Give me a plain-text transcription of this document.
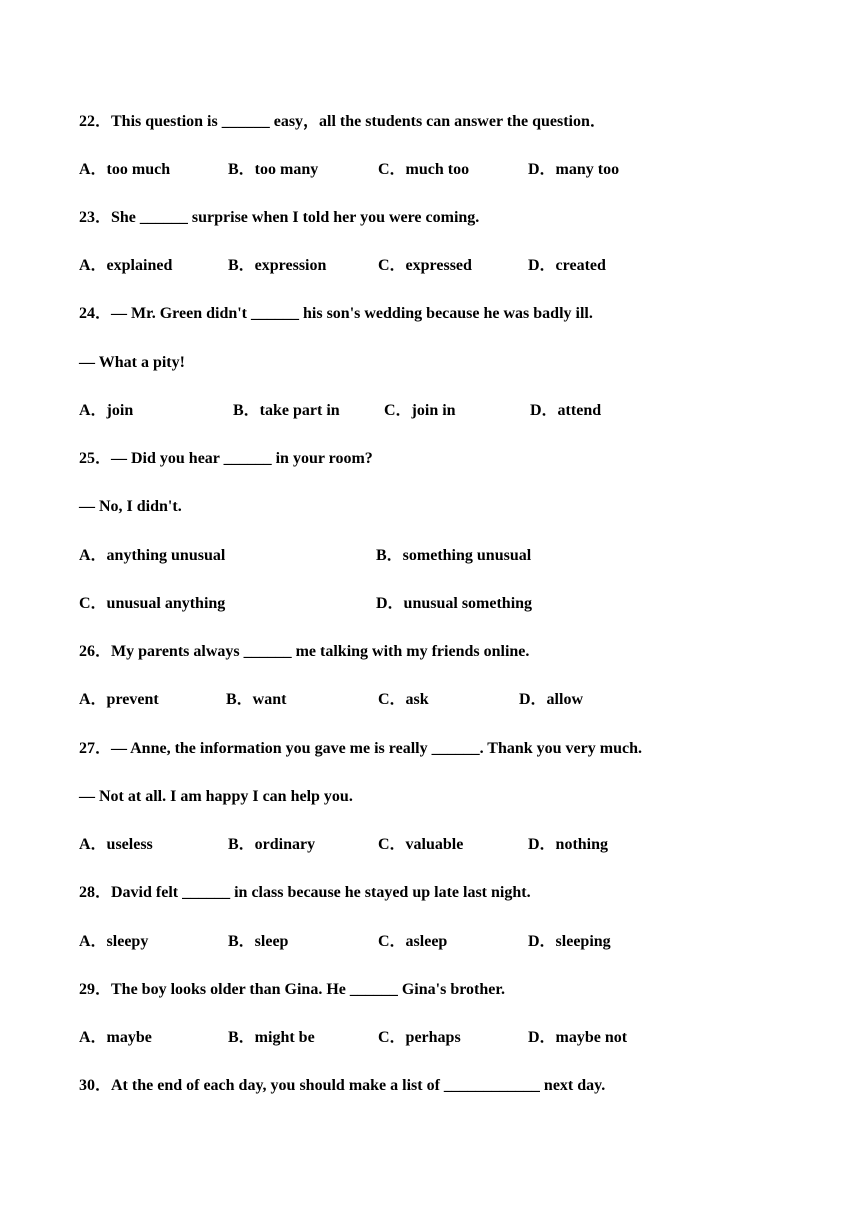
22．This question is ______ easy，all the students can answer the question．
A．too much	B．too many	C．much too	D．many too
23．She ______ surprise when I told her you were coming.
A．explained	B．expression	C．expressed	D．created
24．— Mr. Green didn't ______ his son's wedding because he was badly ill.
— What a pity!
A．join	B．take part in	C．join in	D．attend
25．— Did you hear ______ in your room?
— No, I didn't.
A．anything unusual	B．something unusual
C．unusual anything	D．unusual something
26．My parents always ______ me talking with my friends online.
A．prevent	B．want	C．ask	D．allow
27．— Anne, the information you gave me is really ______. Thank you very much.
— Not at all. I am happy I can help you.
A．useless	B．ordinary	C．valuable	D．nothing
28．David felt ______ in class because he stayed up late last night.
A．sleepy	B．sleep	C．asleep	D．sleeping
29．The boy looks older than Gina. He ______ Gina's brother.
A．maybe	B．might be	C．perhaps	D．maybe not
30．At the end of each day, you should make a list of ____________ next day.
